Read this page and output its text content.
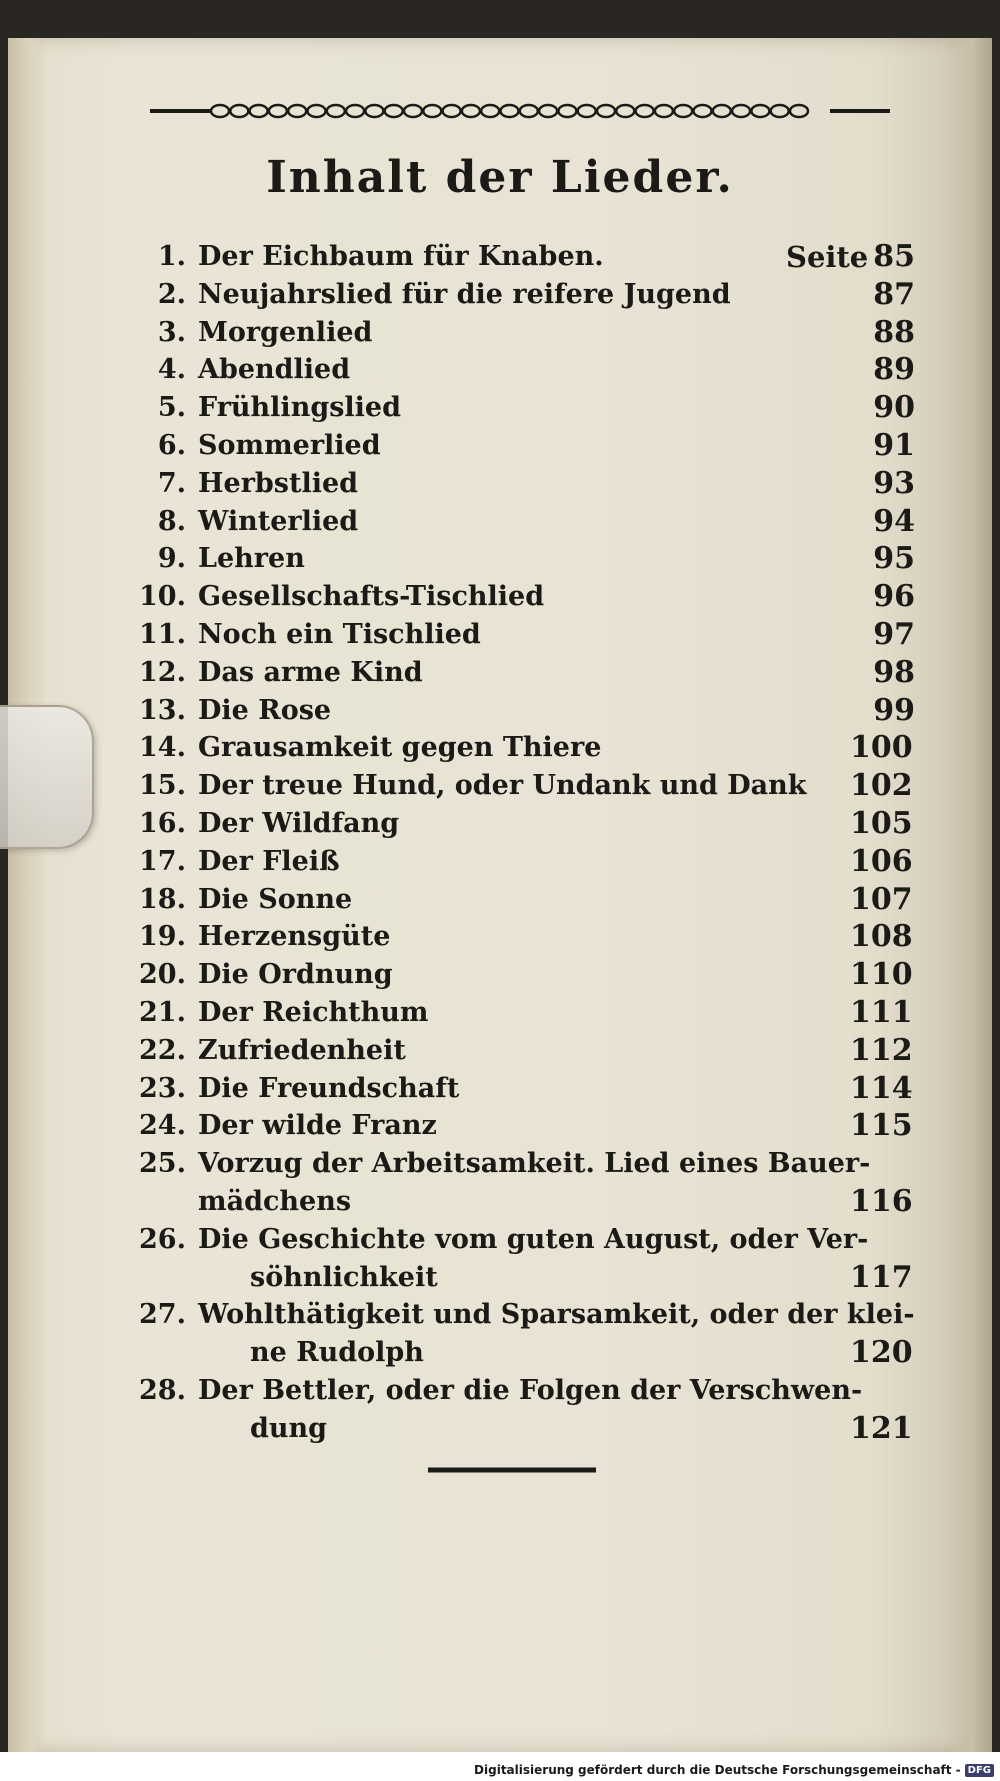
Inhalt der Lieder.
1. Der Eichbaum für Knaben.	Seite 85
2. Neujahrslied für die reifere Jugend	87
3. Morgenlied	88
4. Abendlied	89
5. Frühlingslied	90
6. Sommerlied	91
7. Herbstlied	93
8. Winterlied	94
9. Lehren	95
10. Gesellschafts-Tischlied	96
11. Noch ein Tischlied	97
12. Das arme Kind	98
13. Die Rose	99
14. Grausamkeit gegen Thiere	100
15. Der treue Hund, oder Undank und Dank 102
16. Der Wildfang	105
17. Der Fleiß	106
18. Die Sonne	107
19. Herzensgüte	108
20. Die Ordnung	110
21. Der Reichthum	111
22. Zufriedenheit	112
23. Die Freundschaft	114
24. Der wilde Franz	115
25. Vorzug der Arbeitsamkeit. Lied eines Bauer-
mädchens	116
26. Die Geschichte vom guten August, oder Ver-
söhnlichkeit	117
27. Wohlthätigkeit und Sparsamkeit, oder der klei-
ne Rudolph	120
28. Der Bettler, oder die Folgen der Verschwen-
dung	121
Digitalisierung gefördert durch die Deutsche Forschungsgemeinschaft - DFG
